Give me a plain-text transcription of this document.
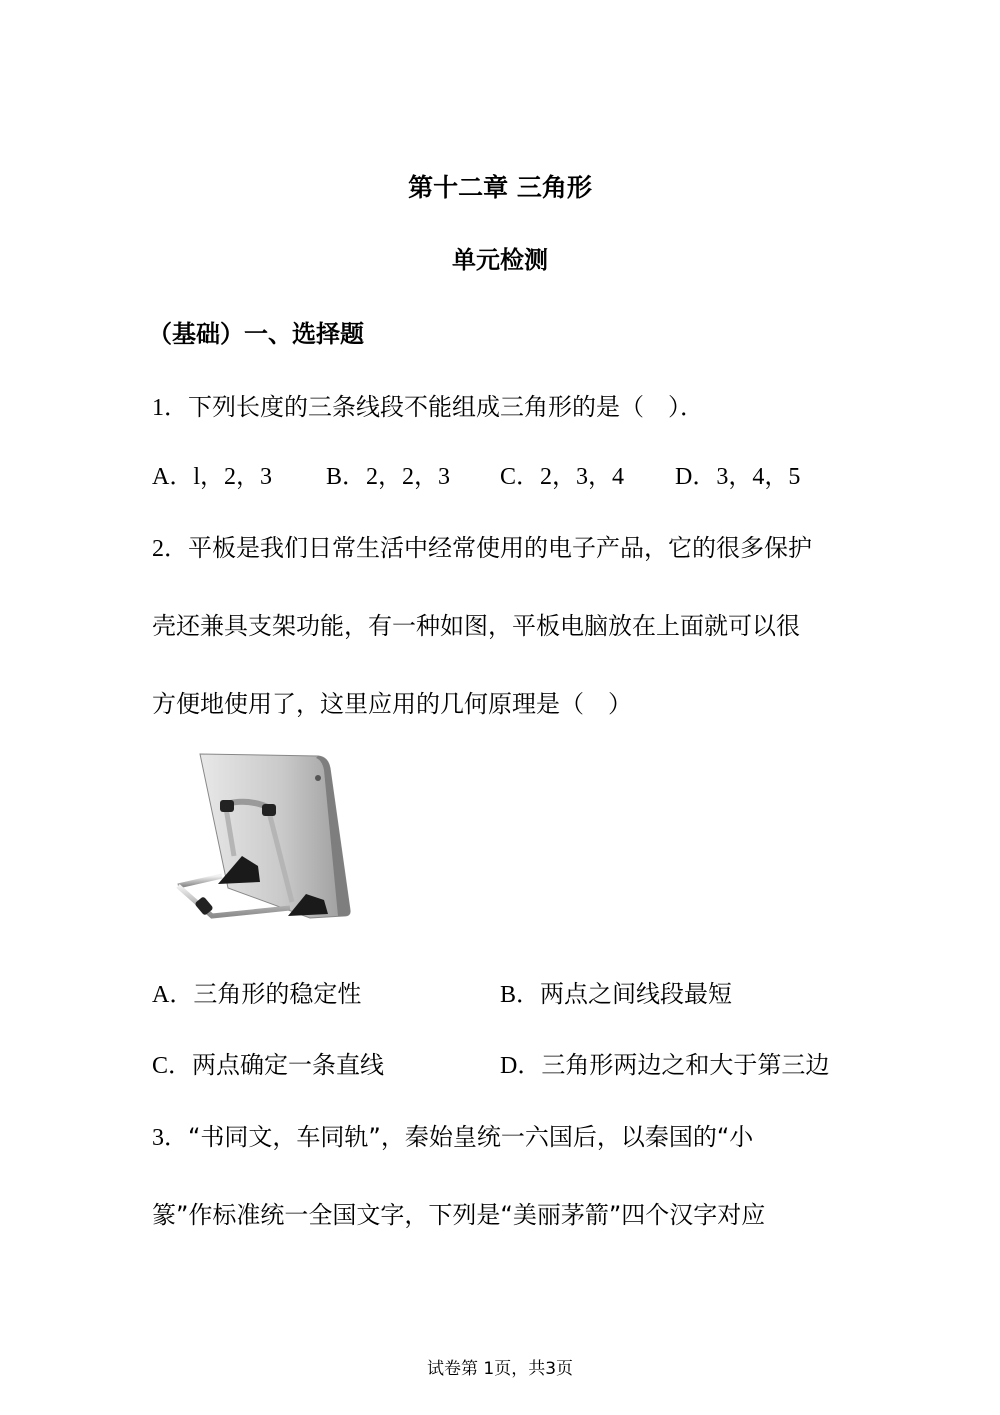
第十二章 三角形
单元检测
（基础）一、选择题
1．下列长度的三条线段不能组成三角形的是（　）．
A．l，2，3 B．2，2，3 C．2，3，4 D．3，4，5
2．平板是我们日常生活中经常使用的电子产品，它的很多保护
壳还兼具支架功能，有一种如图，平板电脑放在上面就可以很
方便地使用了，这里应用的几何原理是（　）
A．三角形的稳定性	B．两点之间线段最短
C．两点确定一条直线	D．三角形两边之和大于第三边
3．“书同文，车同轨”，秦始皇统一六国后，以秦国的“小
篆”作标准统一全国文字，下列是“美丽茅箭”四个汉字对应
试卷第 1页，共3页
